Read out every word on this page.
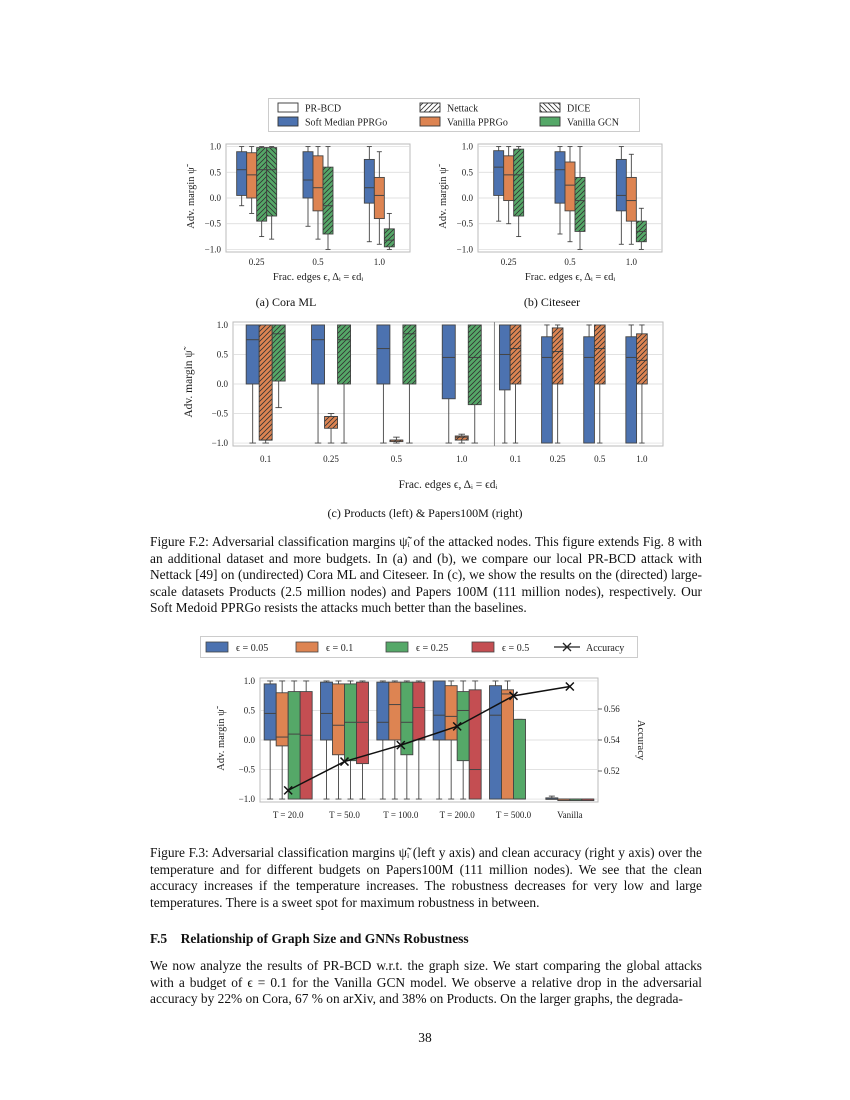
PR-BCD	Nettack	DICE
Soft Median PPRGo	Vanilla PPRGo	Vanilla GCN
1.0
0.5
0.0
−0.5
−1.0
0.25	0.5	1.0
Frac. edges ϵ, Δᵢ = ϵdᵢ
Adv. margin ψ̃
(a) Cora ML
1.0
0.5
0.0
−0.5
−1.0
0.25	0.5	1.0
Frac. edges ϵ, Δᵢ = ϵdᵢ
Adv. margin ψ̃
(b) Citeseer
1.0
0.5
0.0
−0.5
−1.0
0.1	0.25	0.5	1.0	0.1	0.25	0.5	1.0
Frac. edges ϵ, Δᵢ = ϵdᵢ
Adv. margin ψ̃
(c) Products (left) & Papers100M (right)
Figure F.2: Adversarial classification margins ψ̃ᵢ of the attacked nodes. This figure extends Fig. 8 with an additional dataset and more budgets. In (a) and (b), we compare our local PR-BCD attack with Nettack [49] on (undirected) Cora ML and Citeseer. In (c), we show the results on the (directed) large-scale datasets Products (2.5 million nodes) and Papers 100M (111 million nodes), respectively. Our Soft Medoid PPRGo resists the attacks much better than the baselines.
ϵ = 0.05	ϵ = 0.1	ϵ = 0.25	ϵ = 0.5	Accuracy
1.0
0.5
0.0
−0.5
−1.0
T = 20.0	T = 50.0	T = 100.0 T = 200.0 T = 500.0	Vanilla
0.56
0.54
0.52
Adv. margin ψ̃	Accuracy
Figure F.3: Adversarial classification margins ψ̃ᵢ (left y axis) and clean accuracy (right y axis) over the temperature and for different budgets on Papers100M (111 million nodes). We see that the clean accuracy increases if the temperature increases. The robustness decreases for very low and large temperatures. There is a sweet spot for maximum robustness in between.
F.5    Relationship of Graph Size and GNNs Robustness
We now analyze the results of PR-BCD w.r.t. the graph size. We start comparing the global attacks with a budget of ϵ = 0.1 for the Vanilla GCN model. We observe a relative drop in the adversarial accuracy by 22% on Cora, 67 % on arXiv, and 38% on Products. On the larger graphs, the degrada-
38
